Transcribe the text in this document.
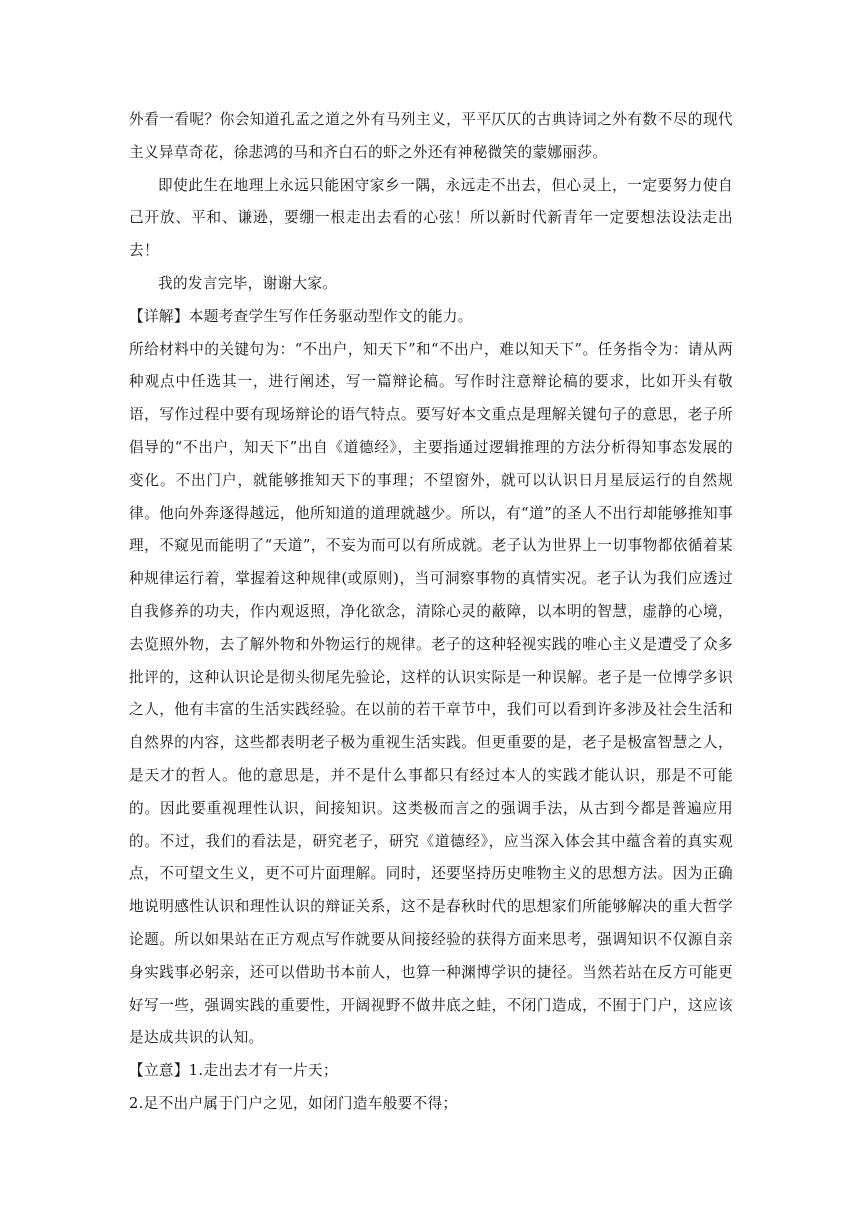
外看一看呢？你会知道孔孟之道之外有马列主义，平平仄仄的古典诗词之外有数不尽的现代主义异草奇花，徐悲鸿的马和齐白石的虾之外还有神秘微笑的蒙娜丽莎。

即使此生在地理上永远只能困守家乡一隅，永远走不出去，但心灵上，一定要努力使自己开放、平和、谦逊，要绷一根走出去看的心弦！所以新时代新青年一定要想法设法走出去！

我的发言完毕，谢谢大家。

【详解】本题考查学生写作任务驱动型作文的能力。

所给材料中的关键句为：“不出户，知天下”和“不出户，难以知天下”。任务指令为：请从两种观点中任选其一，进行阐述，写一篇辩论稿。写作时注意辩论稿的要求，比如开头有敬语，写作过程中要有现场辩论的语气特点。要写好本文重点是理解关键句子的意思，老子所倡导的“不出户，知天下”出自《道德经》，主要指通过逻辑推理的方法分析得知事态发展的变化。不出门户，就能够推知天下的事理；不望窗外，就可以认识日月星辰运行的自然规律。他向外奔逐得越远，他所知道的道理就越少。所以，有“道”的圣人不出行却能够推知事理，不窥见而能明了“天道”，不妄为而可以有所成就。老子认为世界上一切事物都依循着某种规律运行着，掌握着这种规律(或原则)，当可洞察事物的真情实况。老子认为我们应透过自我修养的功夫，作内观返照，净化欲念，清除心灵的蔽障，以本明的智慧，虚静的心境，去览照外物，去了解外物和外物运行的规律。老子的这种轻视实践的唯心主义是遭受了众多批评的，这种认识论是彻头彻尾先验论，这样的认识实际是一种误解。老子是一位博学多识之人，他有丰富的生活实践经验。在以前的若干章节中，我们可以看到许多涉及社会生活和自然界的内容，这些都表明老子极为重视生活实践。但更重要的是，老子是极富智慧之人，是天才的哲人。他的意思是，并不是什么事都只有经过本人的实践才能认识，那是不可能的。因此要重视理性认识，间接知识。这类极而言之的强调手法，从古到今都是普遍应用的。不过，我们的看法是，研究老子，研究《道德经》，应当深入体会其中蕴含着的真实观点，不可望文生义，更不可片面理解。同时，还要坚持历史唯物主义的思想方法。因为正确地说明感性认识和理性认识的辩证关系，这不是春秋时代的思想家们所能够解决的重大哲学论题。所以如果站在正方观点写作就要从间接经验的获得方面来思考，强调知识不仅源自亲身实践事必躬亲，还可以借助书本前人，也算一种渊博学识的捷径。当然若站在反方可能更好写一些，强调实践的重要性，开阔视野不做井底之蛙，不闭门造成，不囿于门户，这应该是达成共识的认知。

【立意】1.走出去才有一片天；

2.足不出户属于门户之见，如闭门造车般要不得；
